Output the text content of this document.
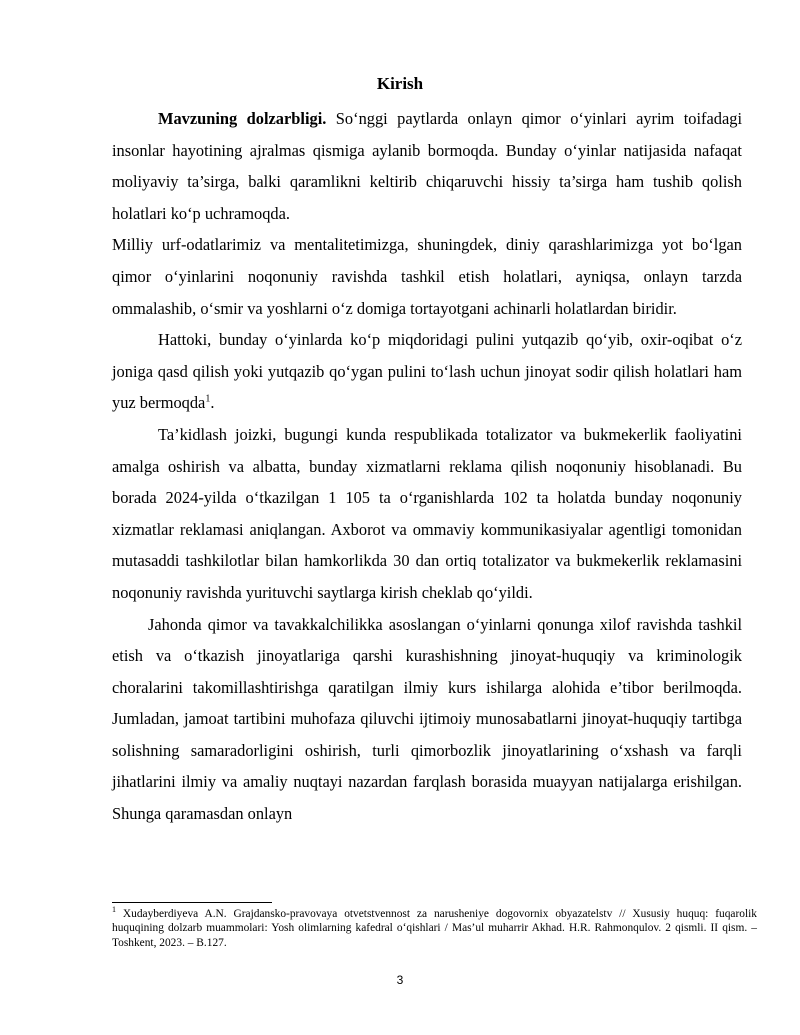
Kirish

Mavzuning dolzarbligi. So‘nggi paytlarda onlayn qimor o‘yinlari ayrim toifadagi insonlar hayotining ajralmas qismiga aylanib bormoqda. Bunday o‘yinlar natijasida nafaqat moliyaviy ta’sirga, balki qaramlikni keltirib chiqaruvchi hissiy ta’sirga ham tushib qolish holatlari ko‘p uchramoqda.

Milliy urf-odatlarimiz va mentalitetimizga, shuningdek, diniy qarashlarimizga yot bo‘lgan qimor o‘yinlarini noqonuniy ravishda tashkil etish holatlari, ayniqsa, onlayn tarzda ommalashib, o‘smir va yoshlarni o‘z domiga tortayotgani achinarli holatlardan biridir.

Hattoki, bunday o‘yinlarda ko‘p miqdoridagi pulini yutqazib qo‘yib, oxir-oqibat o‘z joniga qasd qilish yoki yutqazib qo‘ygan pulini to‘lash uchun jinoyat sodir qilish holatlari ham yuz bermoqda$^1$.

Ta’kidlash joizki, bugungi kunda respublikada totalizator va bukmekerlik faoliyatini amalga oshirish va albatta, bunday xizmatlarni reklama qilish noqonuniy hisoblanadi. Bu borada 2024-yilda o‘tkazilgan 1 105 ta o‘rganishlarda 102 ta holatda bunday noqonuniy xizmatlar reklamasi aniqlangan. Axborot va ommaviy kommunikasiyalar agentligi tomonidan mutasaddi tashkilotlar bilan hamkorlikda 30 dan ortiq totalizator va bukmekerlik reklamasini noqonuniy ravishda yurituvchi saytlarga kirish cheklab qo‘yildi.

Jahonda qimor va tavakkalchilikka asoslangan o‘yinlarni qonunga xilof ravishda tashkil etish va o‘tkazish jinoyatlariga qarshi kurashishning jinoyat-huquqiy va kriminologik choralarini takomillashtirishga qaratilgan ilmiy kurs ishilarga alohida e’tibor berilmoqda. Jumladan, jamoat tartibini muhofaza qiluvchi ijtimoiy munosabatlarni jinoyat-huquqiy tartibga solishning samaradorligini oshirish, turli qimorbozlik jinoyatlarining o‘xshash va farqli jihatlarini ilmiy va amaliy nuqtayi nazardan farqlash borasida muayyan natijalarga erishilgan. Shunga qaramasdan onlayn

$^1$ Xudayberdiyeva A.N. Grajdansko-pravovaya otvetstvennost za narusheniye dogovornix obyazatelstv // Xususiy huquq: fuqarolik huquqining dolzarb muammolari: Yosh olimlarning kafedral o‘qishlari / Mas’ul muharrir Akhad. H.R. Rahmonqulov. 2 qismli. II qism. – Toshkent, 2023. – B.127.

3
